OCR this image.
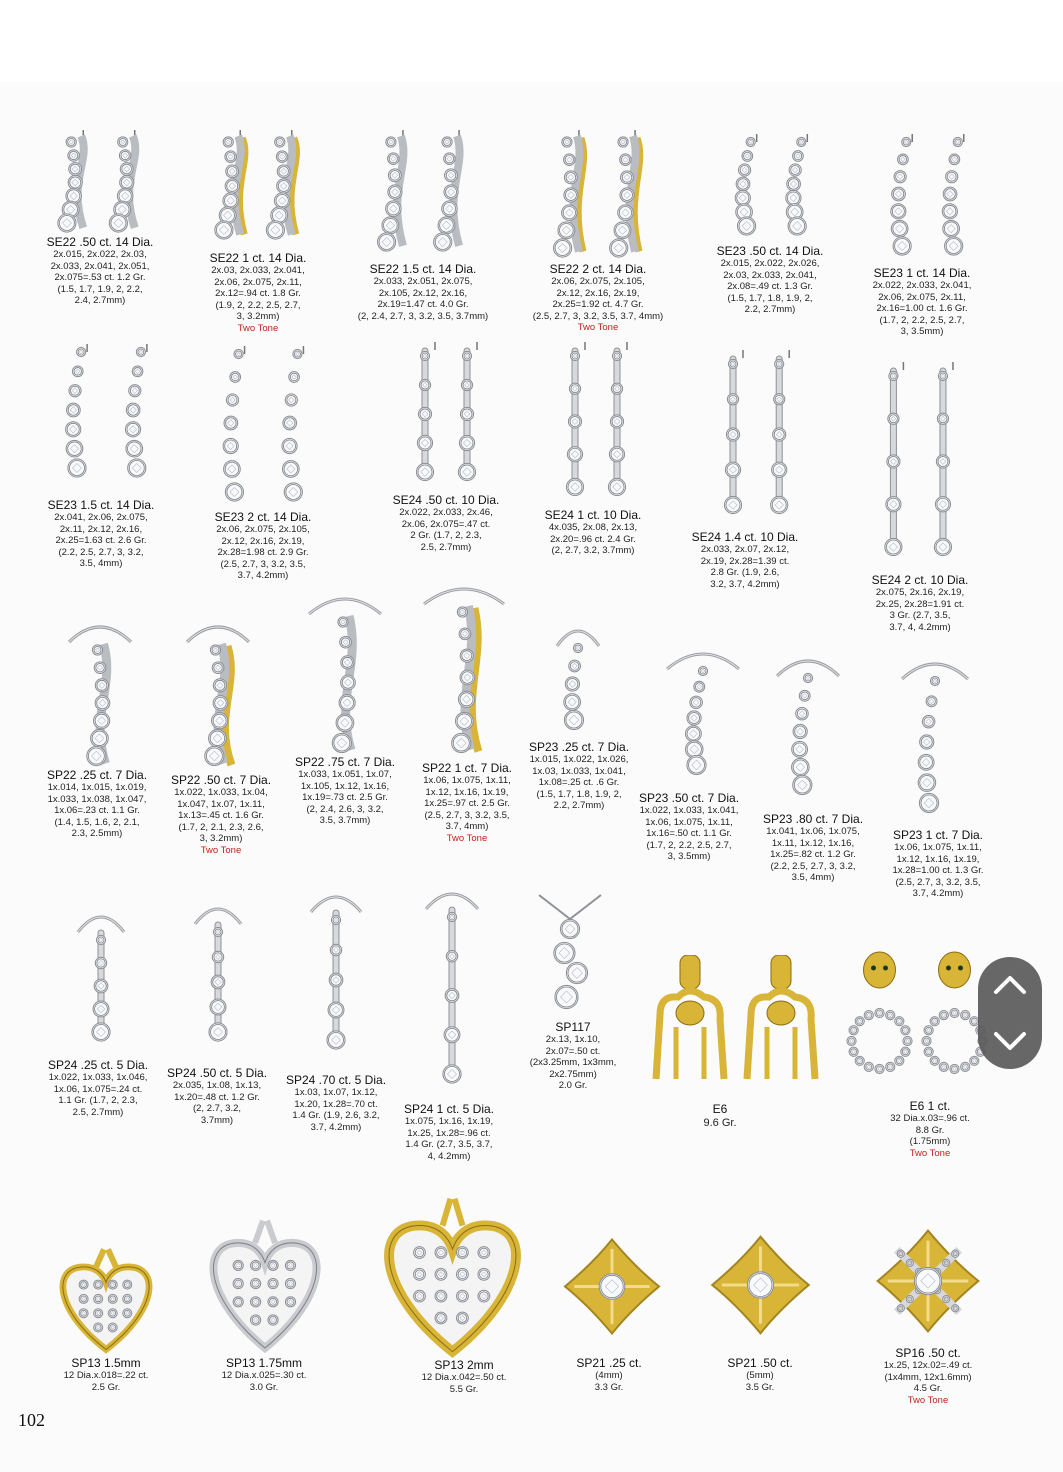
SE22 .50 ct. 14 Dia.
2x.015, 2x.022, 2x.03,
2x.033, 2x.041, 2x.051,
2x.075=.53 ct. 1.2 Gr.
(1.5, 1.7, 1.9, 2, 2.2,
2.4, 2.7mm)
SE22 1 ct. 14 Dia.
2x.03, 2x.033, 2x.041,
2x.06, 2x.075, 2x.11,
2x.12=.94 ct. 1.8 Gr.
(1.9, 2, 2.2, 2.5, 2.7,
3, 3.2mm)
Two Tone
SE22 1.5 ct. 14 Dia.
2x.033, 2x.051, 2x.075,
2x.105, 2x.12, 2x.16,
2x.19=1.47 ct. 4.0 Gr.
(2, 2.4, 2.7, 3, 3.2, 3.5, 3.7mm)
SE22 2 ct. 14 Dia.
2x.06, 2x.075, 2x.105,
2x.12, 2x.16, 2x.19,
2x.25=1.92 ct. 4.7 Gr.
(2.5, 2.7, 3, 3.2, 3.5, 3.7, 4mm)
Two Tone
SE23 .50 ct. 14 Dia.
2x.015, 2x.022, 2x.026,
2x.03, 2x.033, 2x.041,
2x.08=.49 ct. 1.3 Gr.
(1.5, 1.7, 1.8, 1.9, 2,
2.2, 2.7mm)
SE23 1 ct. 14 Dia.
2x.022, 2x.033, 2x.041,
2x.06, 2x.075, 2x.11,
2x.16=1.00 ct. 1.6 Gr.
(1.7, 2, 2.2, 2.5, 2.7,
3, 3.5mm)
SE23 1.5 ct. 14 Dia.
2x.041, 2x.06, 2x.075,
2x.11, 2x.12, 2x.16,
2x.25=1.63 ct. 2.6 Gr.
(2.2, 2.5, 2.7, 3, 3.2,
3.5, 4mm)
SE23 2 ct. 14 Dia.
2x.06, 2x.075, 2x.105,
2x.12, 2x.16, 2x.19,
2x.28=1.98 ct. 2.9 Gr.
(2.5, 2.7, 3, 3.2, 3.5,
3.7, 4.2mm)
SE24 .50 ct. 10 Dia.
2x.022, 2x.033, 2x.46,
2x.06, 2x.075=.47 ct.
2 Gr. (1.7, 2, 2.3,
2.5, 2.7mm)
SE24 1 ct. 10 Dia.
4x.035, 2x.08, 2x.13,
2x.20=.96 ct. 2.4 Gr.
(2, 2.7, 3.2, 3.7mm)
SE24 1.4 ct. 10 Dia.
2x.033, 2x.07, 2x.12,
2x.19, 2x.28=1.39 ct.
2.8 Gr. (1.9, 2.6,
3.2, 3.7, 4.2mm)	SE24 2 ct. 10 Dia.
2x.075, 2x.16, 2x.19,
2x.25, 2x.28=1.91 ct.
3 Gr. (2.7, 3.5,
3.7, 4, 4.2mm)
SP22 .25 ct. 7 Dia.
1x.014, 1x.015, 1x.019,
1x.033, 1x.038, 1x.047,
1x.06=.23 ct. 1.1 Gr.
(1.4, 1.5, 1.6, 2, 2.1,
2.3, 2.5mm)
SP22 .50 ct. 7 Dia.
1x.022, 1x.033, 1x.04,
1x.047, 1x.07, 1x.11,
1x.13=.45 ct. 1.6 Gr.
(1.7, 2, 2.1, 2.3, 2.6,
3, 3.2mm)
Two Tone
SP22 .75 ct. 7 Dia.
1x.033, 1x.051, 1x.07,
1x.105, 1x.12, 1x.16,
1x.19=.73 ct. 2.5 Gr.
(2, 2.4, 2.6, 3, 3.2,
3.5, 3.7mm)
SP22 1 ct. 7 Dia.
1x.06, 1x.075, 1x.11,
1x.12, 1x.16, 1x.19,
1x.25=.97 ct. 2.5 Gr.
(2.5, 2.7, 3, 3.2, 3.5,
3.7, 4mm)
Two Tone
SP23 .25 ct. 7 Dia.
1x.015, 1x.022, 1x.026,
1x.03, 1x.033, 1x.041,
1x.08=.25 ct. .6 Gr.
(1.5, 1.7, 1.8, 1.9, 2,
2.2, 2.7mm)
SP23 .50 ct. 7 Dia.
1x.022, 1x.033, 1x.041,
1x.06, 1x.075, 1x.11,
1x.16=.50 ct. 1.1 Gr.
(1.7, 2, 2.2, 2.5, 2.7,
3, 3.5mm)
SP23 .80 ct. 7 Dia.
1x.041, 1x.06, 1x.075,
1x.11, 1x.12, 1x.16,
1x.25=.82 ct. 1.2 Gr.
(2.2, 2.5, 2.7, 3, 3.2,
3.5, 4mm)
SP23 1 ct. 7 Dia.
1x.06, 1x.075, 1x.11,
1x.12, 1x.16, 1x.19,
1x.28=1.00 ct. 1.3 Gr.
(2.5, 2.7, 3, 3.2, 3.5,
3.7, 4.2mm)
SP24 .25 ct. 5 Dia.
1x.022, 1x.033, 1x.046,
1x.06, 1x.075=.24 ct.
1.1 Gr. (1.7, 2, 2.3,
2.5, 2.7mm)
SP24 .50 ct. 5 Dia.
2x.035, 1x.08, 1x.13,
1x.20=.48 ct. 1.2 Gr.
(2, 2.7, 3.2,
3.7mm)
SP24 .70 ct. 5 Dia.
1x.03, 1x.07, 1x.12,
1x.20, 1x.28=.70 ct.
1.4 Gr. (1.9, 2.6, 3.2,
3.7, 4.2mm)
SP24 1 ct. 5 Dia.
1x.075, 1x.16, 1x.19,
1x.25, 1x.28=.96 ct.
1.4 Gr. (2.7, 3.5, 3.7,
4, 4.2mm)
SP117
2x.13, 1x.10,
2x.07=.50 ct.
(2x3.25mm, 1x3mm,
2x2.75mm)
2.0 Gr.
E6
9.6 Gr.
E6 1 ct.
32 Dia.x.03=.96 ct.
8.8 Gr.
(1.75mm)
Two Tone
SP13 1.5mm
12 Dia.x.018=.22 ct.
2.5 Gr.
SP13 1.75mm
12 Dia.x.025=.30 ct.
3.0 Gr.
SP13 2mm
12 Dia.x.042=.50 ct.
5.5 Gr.
SP21 .25 ct.
(4mm)
3.3 Gr.
SP21 .50 ct.
(5mm)
3.5 Gr.
SP16 .50 ct.
1x.25, 12x.02=.49 ct.
(1x4mm, 12x1.6mm)
4.5 Gr.
Two Tone
102
